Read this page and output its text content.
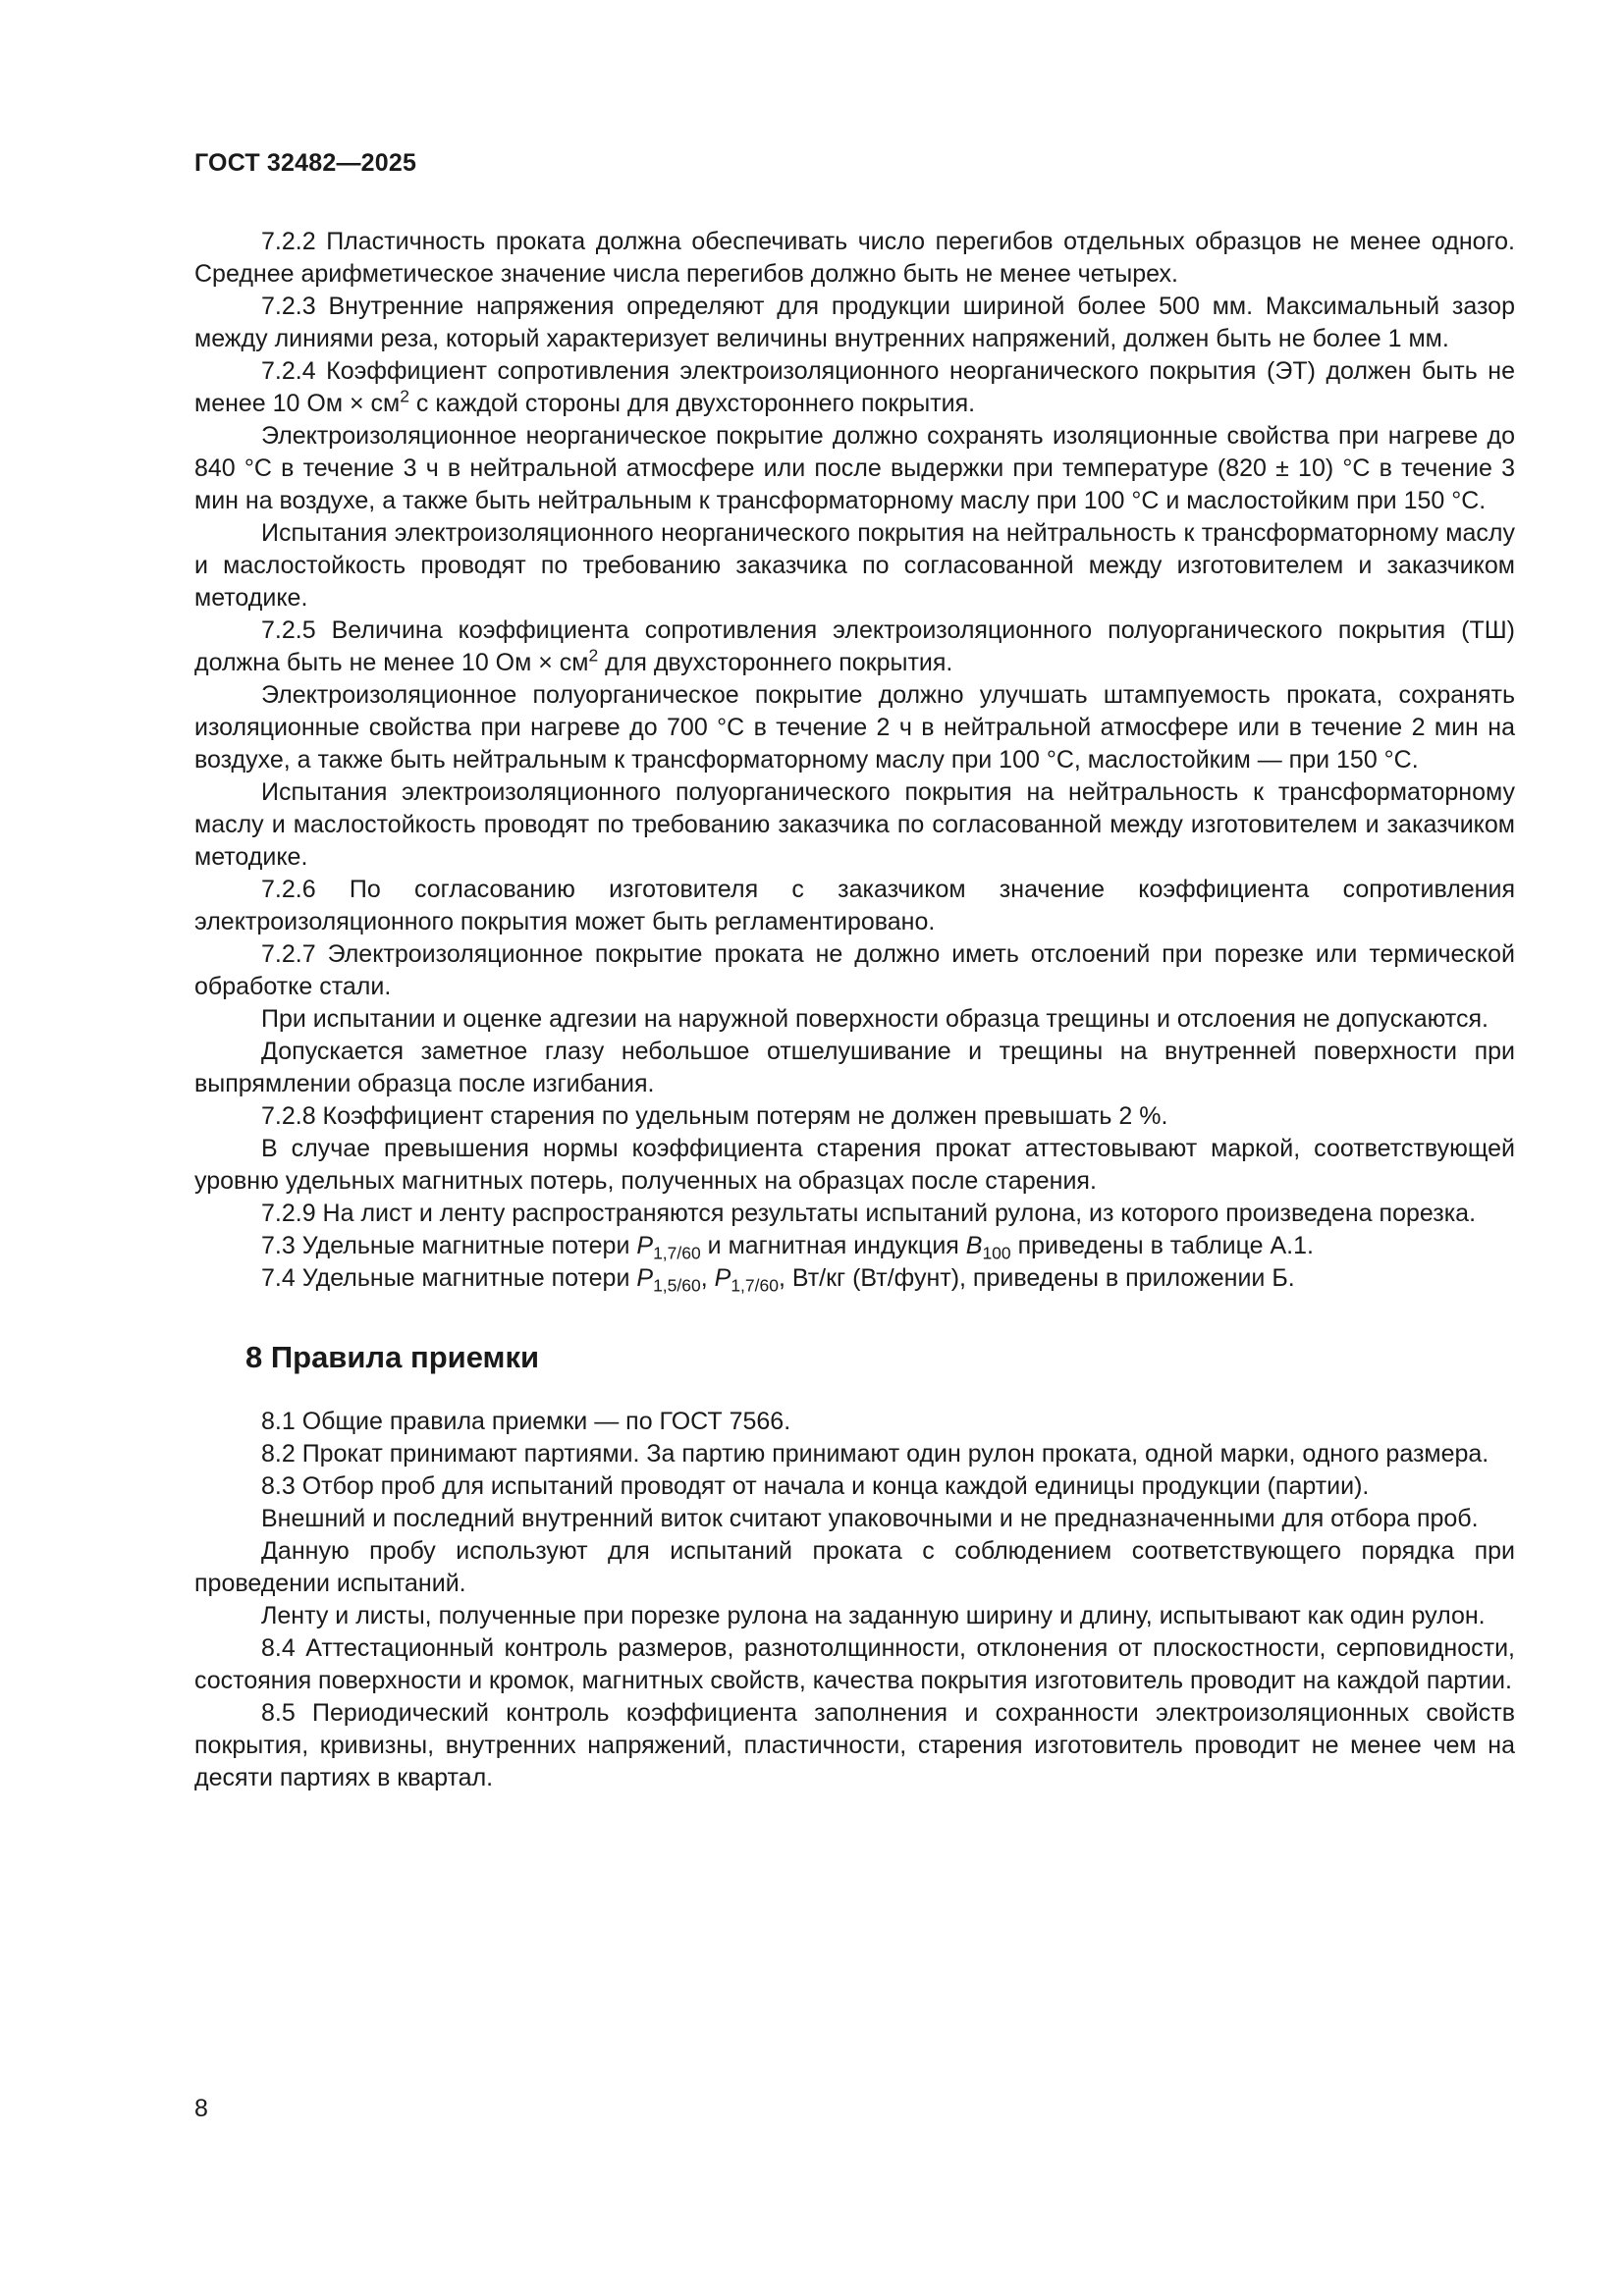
ГОСТ 32482—2025

7.2.2 Пластичность проката должна обеспечивать число перегибов отдельных образцов не менее одного. Среднее арифметическое значение числа перегибов должно быть не менее четырех.

7.2.3 Внутренние напряжения определяют для продукции шириной более 500 мм. Максимальный зазор между линиями реза, который характеризует величины внутренних напряжений, должен быть не более 1 мм.

7.2.4 Коэффициент сопротивления электроизоляционного неорганического покрытия (ЭТ) должен быть не менее 10 Ом × $см^2$ с каждой стороны для двухстороннего покрытия.

Электроизоляционное неорганическое покрытие должно сохранять изоляционные свойства при нагреве до 840 °С в течение 3 ч в нейтральной атмосфере или после выдержки при температуре (820 ± 10) °С в течение 3 мин на воздухе, а также быть нейтральным к трансформаторному маслу при 100 °С и маслостойким при 150 °С.

Испытания электроизоляционного неорганического покрытия на нейтральность к трансформаторному маслу и маслостойкость проводят по требованию заказчика по согласованной между изготовителем и заказчиком методике.

7.2.5 Величина коэффициента сопротивления электроизоляционного полуорганического покрытия (ТШ) должна быть не менее 10 Ом × $см^2$ для двухстороннего покрытия.

Электроизоляционное полуорганическое покрытие должно улучшать штампуемость проката, сохранять изоляционные свойства при нагреве до 700 °С в течение 2 ч в нейтральной атмосфере или в течение 2 мин на воздухе, а также быть нейтральным к трансформаторному маслу при 100 °С, маслостойким — при 150 °С.

Испытания электроизоляционного полуорганического покрытия на нейтральность к трансформаторному маслу и маслостойкость проводят по требованию заказчика по согласованной между изготовителем и заказчиком методике.

7.2.6 По согласованию изготовителя с заказчиком значение коэффициента сопротивления электроизоляционного покрытия может быть регламентировано.

7.2.7 Электроизоляционное покрытие проката не должно иметь отслоений при порезке или термической обработке стали.

При испытании и оценке адгезии на наружной поверхности образца трещины и отслоения не допускаются.

Допускается заметное глазу небольшое отшелушивание и трещины на внутренней поверхности при выпрямлении образца после изгибания.

7.2.8 Коэффициент старения по удельным потерям не должен превышать 2 %.

В случае превышения нормы коэффициента старения прокат аттестовывают маркой, соответствующей уровню удельных магнитных потерь, полученных на образцах после старения.

7.2.9 На лист и ленту распространяются результаты испытаний рулона, из которого произведена порезка.

7.3 Удельные магнитные потери $P_{1,7/60}$ и магнитная индукция $B_{100}$ приведены в таблице А.1.

7.4 Удельные магнитные потери $P_{1,5/60}$, $P_{1,7/60}$, Вт/кг (Вт/фунт), приведены в приложении Б.

8 Правила приемки

8.1 Общие правила приемки — по ГОСТ 7566.

8.2 Прокат принимают партиями. За партию принимают один рулон проката, одной марки, одного размера.

8.3 Отбор проб для испытаний проводят от начала и конца каждой единицы продукции (партии).

Внешний и последний внутренний виток считают упаковочными и не предназначенными для отбора проб.

Данную пробу используют для испытаний проката с соблюдением соответствующего порядка при проведении испытаний.

Ленту и листы, полученные при порезке рулона на заданную ширину и длину, испытывают как один рулон.

8.4 Аттестационный контроль размеров, разнотолщинности, отклонения от плоскостности, серповидности, состояния поверхности и кромок, магнитных свойств, качества покрытия изготовитель проводит на каждой партии.

8.5 Периодический контроль коэффициента заполнения и сохранности электроизоляционных свойств покрытия, кривизны, внутренних напряжений, пластичности, старения изготовитель проводит не менее чем на десяти партиях в квартал.

8
